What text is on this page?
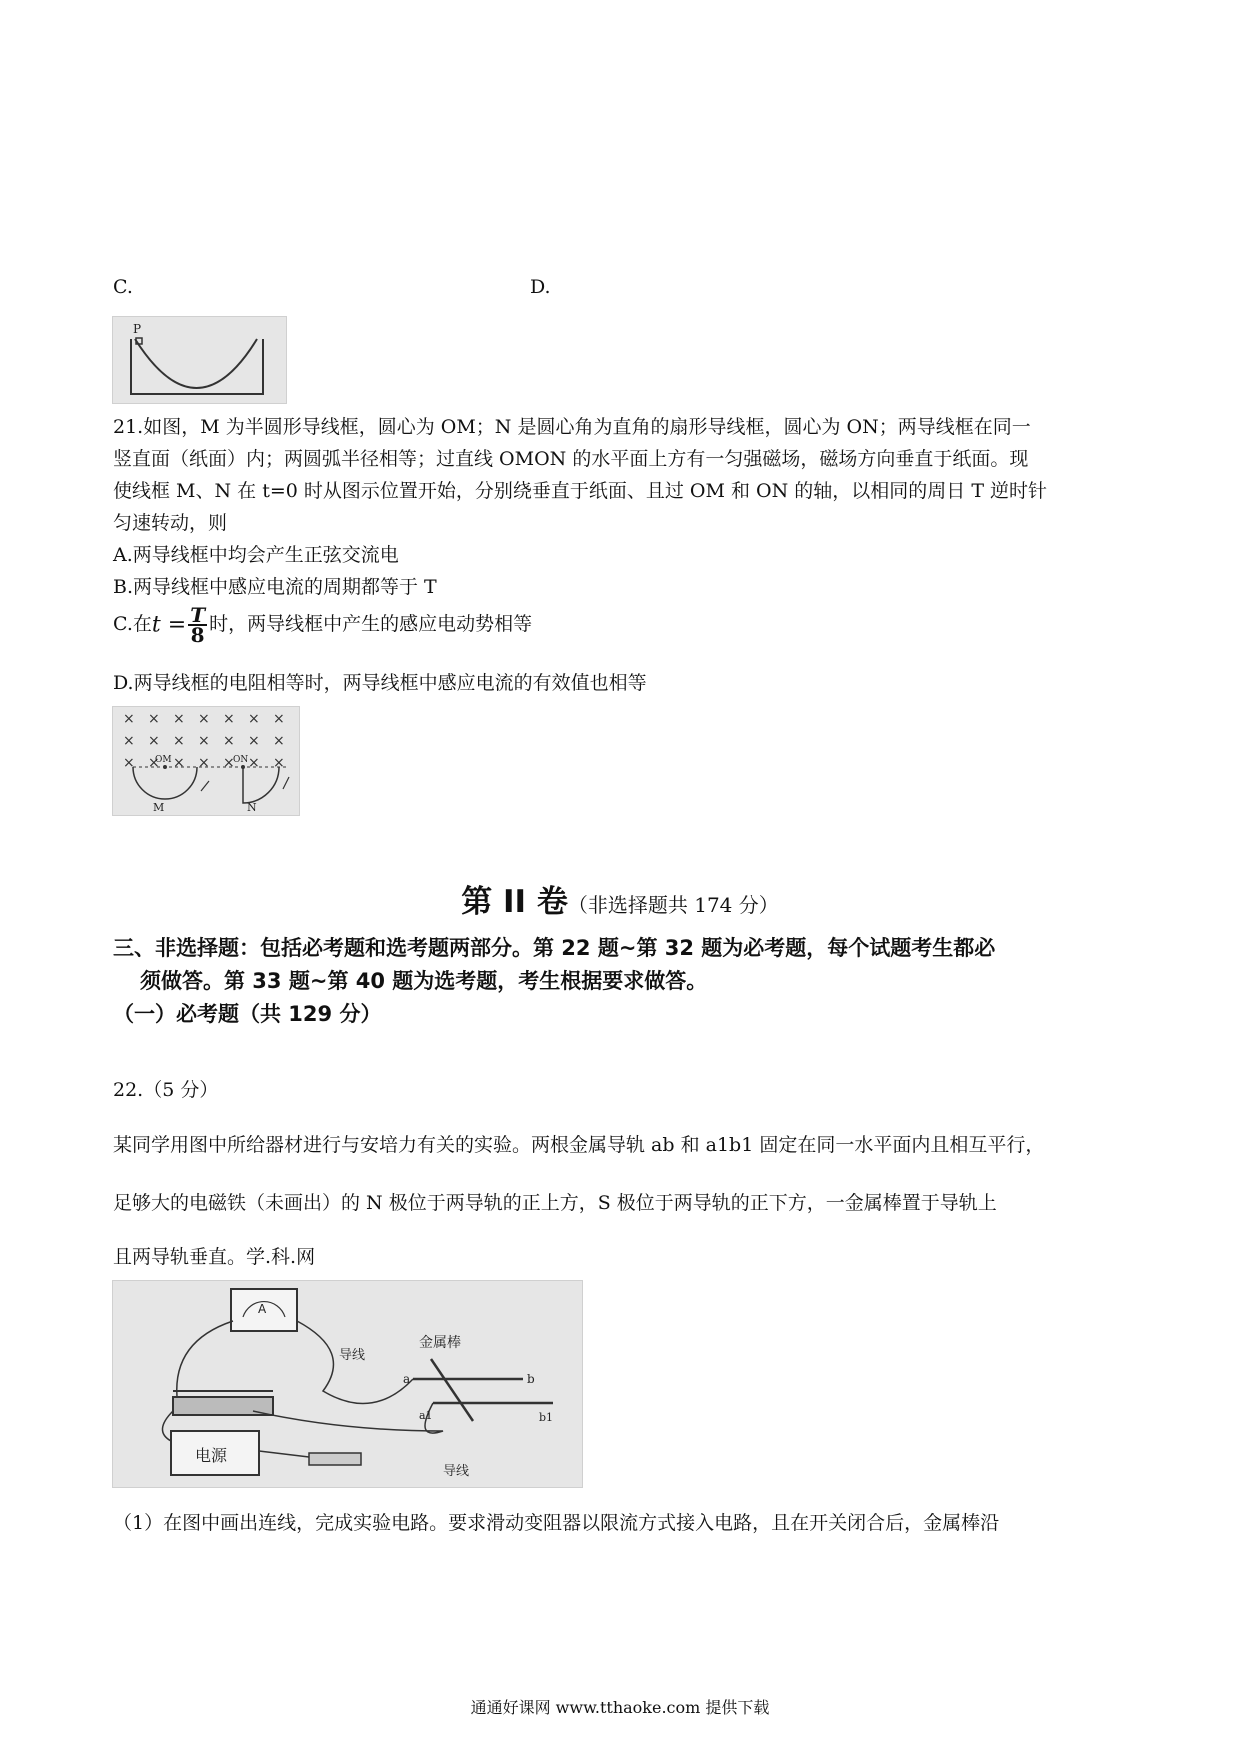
C.	D.
P
21.如图，M 为半圆形导线框，圆心为 OM；N 是圆心角为直角的扇形导线框，圆心为 ON；两导线框在同一
竖直面（纸面）内；两圆弧半径相等；过直线 OMON 的水平面上方有一匀强磁场，磁场方向垂直于纸面。现
使线框 M、N 在 t=0 时从图示位置开始，分别绕垂直于纸面、且过 OM 和 ON 的轴，以相同的周日 T 逆时针
匀速转动，则
A.两导线框中均会产生正弦交流电
B.两导线框中感应电流的周期都等于 T
C.在$t = \frac{T}{8}$ 时，两导线框中产生的感应电动势相等
D.两导线框的电阻相等时，两导线框中感应电流的有效值也相等
× × × × × × ×
× × × × × × ×
× × × × × × ×
OM	ON
M	N
第 II 卷（非选择题共 174 分）
三、非选择题：包括必考题和选考题两部分。第 22 题~第 32 题为必考题，每个试题考生都必
须做答。第 33 题~第 40 题为选考题，考生根据要求做答。
（一）必考题（共 129 分）
22.（5 分）
某同学用图中所给器材进行与安培力有关的实验。两根金属导轨 ab 和 a1b1 固定在同一水平面内且相互平行，
足够大的电磁铁（未画出）的 N 极位于两导轨的正上方，S 极位于两导轨的正下方，一金属棒置于导轨上
且两导轨垂直。学.科.网
A
电源
金属棒
导线
导线
a	b
a1	b1
（1）在图中画出连线，完成实验电路。要求滑动变阻器以限流方式接入电路，且在开关闭合后，金属棒沿
通通好课网 www.tthaoke.com 提供下载
